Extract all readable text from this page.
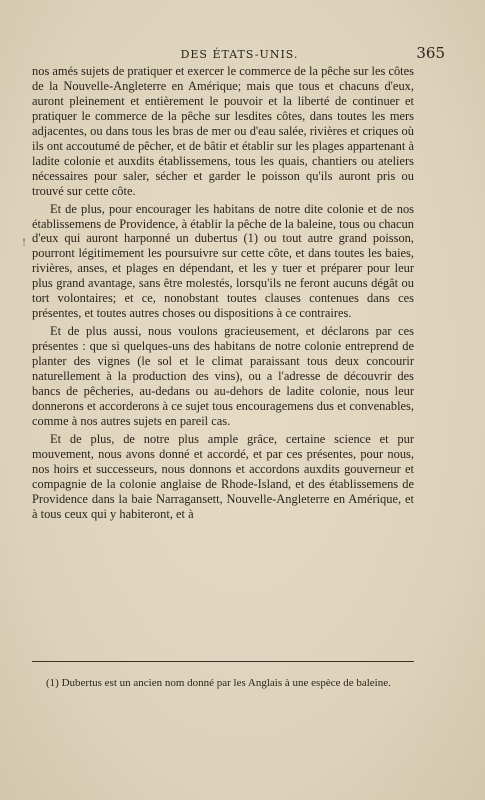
DES ÉTATS-UNIS.	365
!

nos amés sujets de pratiquer et exercer le commerce de la pêche sur les côtes de la Nouvelle-Angleterre en Amérique; mais que tous et chacuns d'eux, auront pleinement et entièrement le pouvoir et la liberté de continuer et pratiquer le commerce de la pêche sur lesdites côtes, dans toutes les mers adjacentes, ou dans tous les bras de mer ou d'eau salée, rivières et criques où ils ont accoutumé de pêcher, et de bâtir et établir sur les plages appartenant à ladite colonie et auxdits établissemens, tous les quais, chantiers ou ateliers nécessaires pour saler, sécher et garder le poisson qu'ils auront pris ou trouvé sur cette côte.

Et de plus, pour encourager les habitans de notre dite colonie et de nos établissemens de Providence, à établir la pêche de la baleine, tous ou chacun d'eux qui auront harponné un dubertus (1) ou tout autre grand poisson, pourront légitimement les poursuivre sur cette côte, et dans toutes les baies, rivières, anses, et plages en dépendant, et les y tuer et préparer pour leur plus grand avantage, sans être molestés, lorsqu'ils ne feront aucuns dégât ou tort volontaires; et ce, nonobstant toutes clauses contenues dans ces présentes, et toutes autres choses ou dispositions à ce contraires.

Et de plus aussi, nous voulons gracieusement, et déclarons par ces présentes : que si quelques-uns des habitans de notre colonie entreprend de planter des vignes (le sol et le climat paraissant tous deux concourir naturellement à la production des vins), ou a l'adresse de découvrir des bancs de pêcheries, au-dedans ou au-dehors de ladite colonie, nous leur donnerons et accorderons à ce sujet tous encouragemens dus et convenables, comme à nos autres sujets en pareil cas.

Et de plus, de notre plus ample grâce, certaine science et pur mouvement, nous avons donné et accordé, et par ces présentes, pour nous, nos hoirs et successeurs, nous donnons et accordons auxdits gouverneur et compagnie de la colonie anglaise de Rhode-Island, et des établissemens de Providence dans la baie Narragansett, Nouvelle-Angleterre en Amérique, et à tous ceux qui y habiteront, et à

(1) Dubertus est un ancien nom donné par les Anglais à une espèce de baleine.
